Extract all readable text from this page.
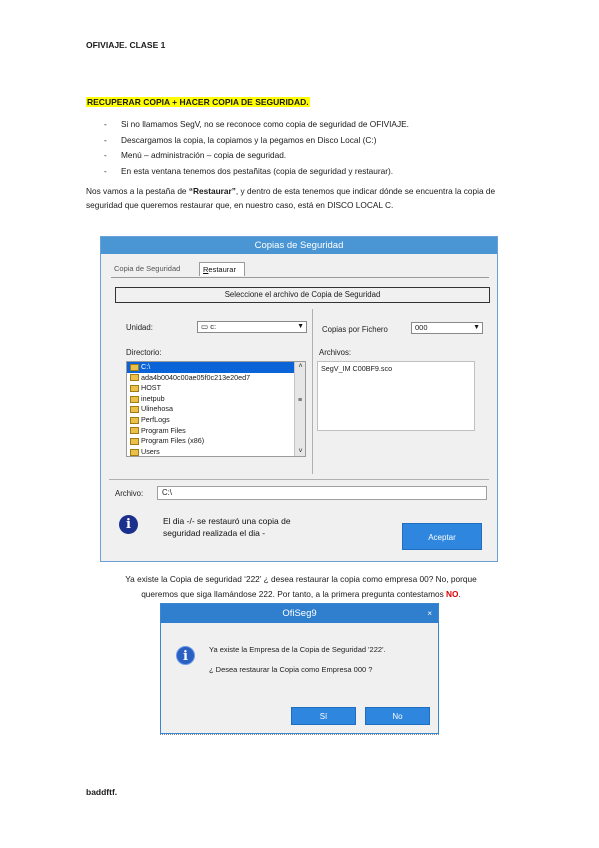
OFIVIAJE. CLASE 1
RECUPERAR COPIA + HACER COPIA DE SEGURIDAD.
- Si no llamamos SegV, no se reconoce como copia de seguridad de OFIVIAJE.
- Descargamos la copia, la copiamos y la pegamos en Disco Local (C:)
- Menú – administración – copia de seguridad.
- En esta ventana tenemos dos pestañitas (copia de seguridad y restaurar).

Nos vamos a la pestaña de “Restaurar”, y dentro de esta tenemos que indicar dónde se encuentra la copia de seguridad que queremos restaurar que, en nuestro caso, está en DISCO LOCAL C.

Copias de Seguridad
Copia de Seguridad	Restaurar
Seleccione el archivo de Copia de Seguridad
Unidad:	▭ c:	▼ Copias por Fichero	000	▼
Directorio:	Archivos:
C:\
ada4b0040c00ae05f0c213e20ed7
HOST
inetpub
Ulinehosa
PerfLogs
Program Files
Program Files (x86)
Users
˄
≡
˅
SegV_IM C00BF9.sco
Archivo:	C:\
i	El dia -/- se restauró una copia de
seguridad realizada el dia -	Aceptar
Ya existe la Copia de seguridad ‘222’ ¿ desea restaurar la copia como empresa 00? No, porque
queremos que siga llamándose 222. Por tanto, a la primera pregunta contestamos NO.
OfiSeg9	×
i	Ya existe la Empresa de la Copia de Seguridad '222'.
¿ Desea restaurar la Copia como Empresa 000 ?
Sí	No
baddftf.
